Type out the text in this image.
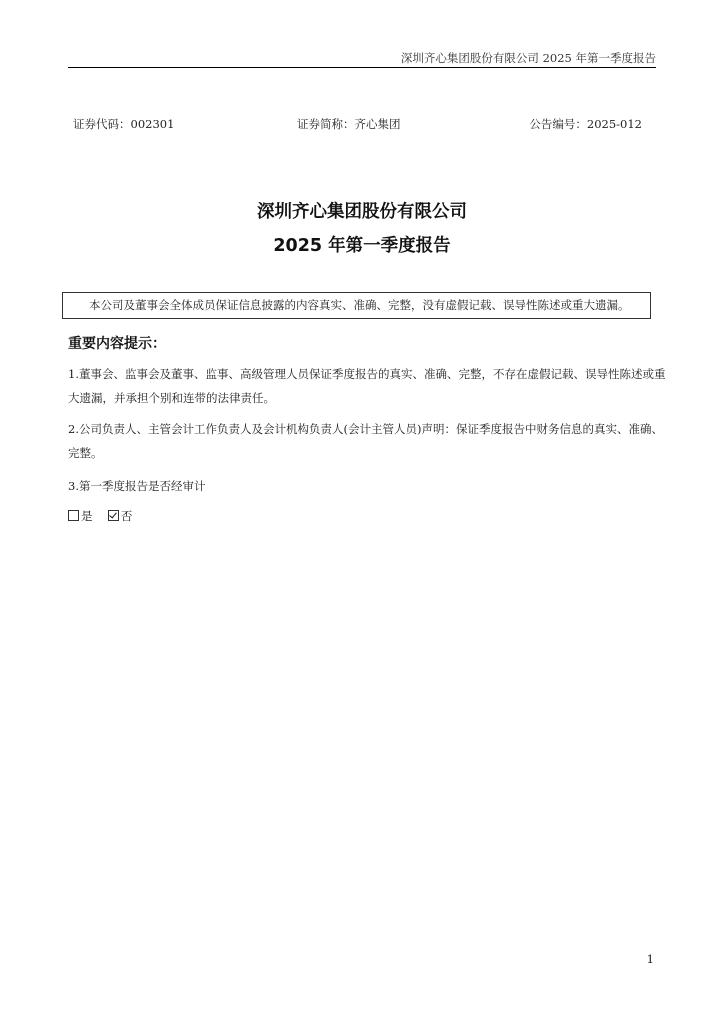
深圳齐心集团股份有限公司 2025 年第一季度报告
证券代码：002301	证券简称：齐心集团	公告编号：2025-012
深圳齐心集团股份有限公司
2025 年第一季度报告
本公司及董事会全体成员保证信息披露的内容真实、准确、完整，没有虚假记载、误导性陈述或重大遗漏。
重要内容提示：
1.董事会、监事会及董事、监事、高级管理人员保证季度报告的真实、准确、完整，不存在虚假记载、误导性陈述或重
大遗漏，并承担个别和连带的法律责任。
2.公司负责人、主管会计工作负责人及会计机构负责人(会计主管人员)声明：保证季度报告中财务信息的真实、准确、
完整。
3.第一季度报告是否经审计
是 否
1
